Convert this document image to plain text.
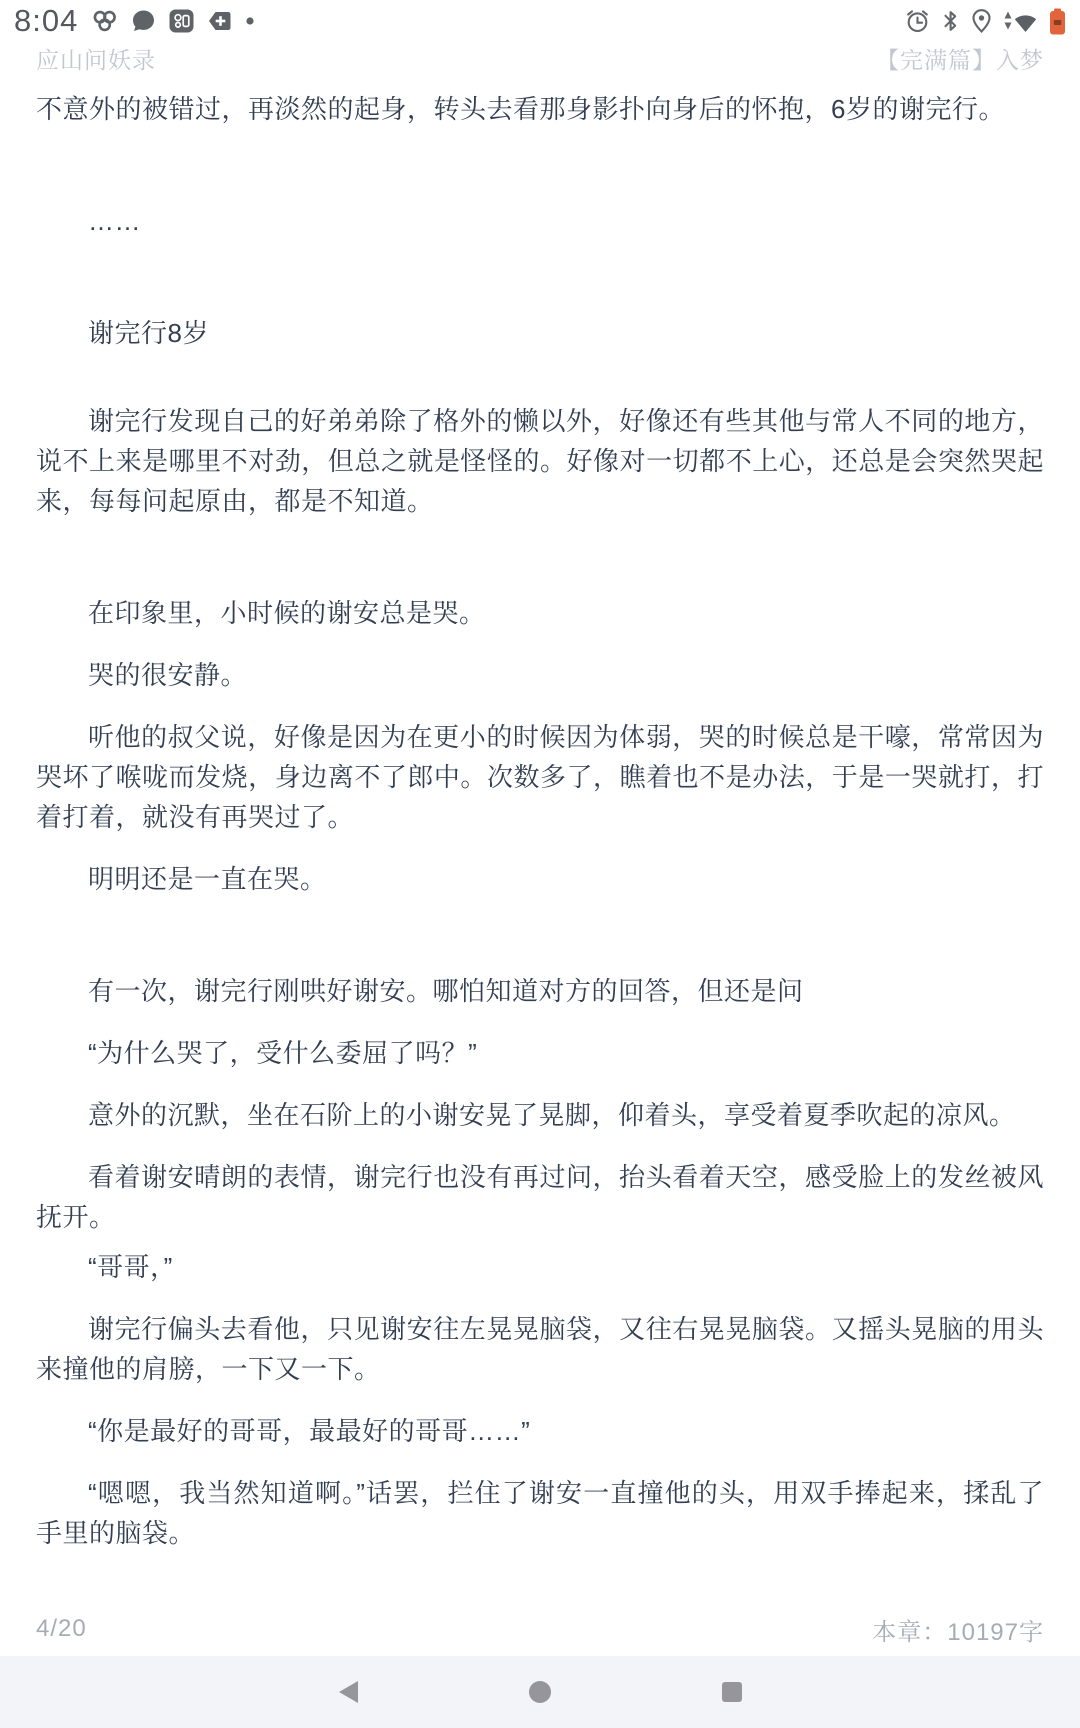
8:04
应山问妖录	【完满篇】入梦

不意外的被错过，再淡然的起身，转头去看那身影扑向身后的怀抱，6岁的谢完行。

……

谢完行8岁

谢完行发现自己的好弟弟除了格外的懒以外，好像还有些其他与常人不同的地方，说不上来是哪里不对劲，但总之就是怪怪的。好像对一切都不上心，还总是会突然哭起来，每每问起原由，都是不知道。

在印象里，小时候的谢安总是哭。

哭的很安静。

听他的叔父说，好像是因为在更小的时候因为体弱，哭的时候总是干嚎，常常因为哭坏了喉咙而发烧，身边离不了郎中。次数多了，瞧着也不是办法，于是一哭就打，打着打着，就没有再哭过了。

明明还是一直在哭。

有一次，谢完行刚哄好谢安。哪怕知道对方的回答，但还是问

“为什么哭了，受什么委屈了吗？”

意外的沉默，坐在石阶上的小谢安晃了晃脚，仰着头，享受着夏季吹起的凉风。

看着谢安晴朗的表情，谢完行也没有再过问，抬头看着天空，感受脸上的发丝被风抚开。

“哥哥，”

谢完行偏头去看他，只见谢安往左晃晃脑袋，又往右晃晃脑袋。又摇头晃脑的用头来撞他的肩膀，一下又一下。

“你是最好的哥哥，最最好的哥哥……”

“嗯嗯，我当然知道啊。”话罢，拦住了谢安一直撞他的头，用双手捧起来，揉乱了手里的脑袋。

4/20	本章：10197字
